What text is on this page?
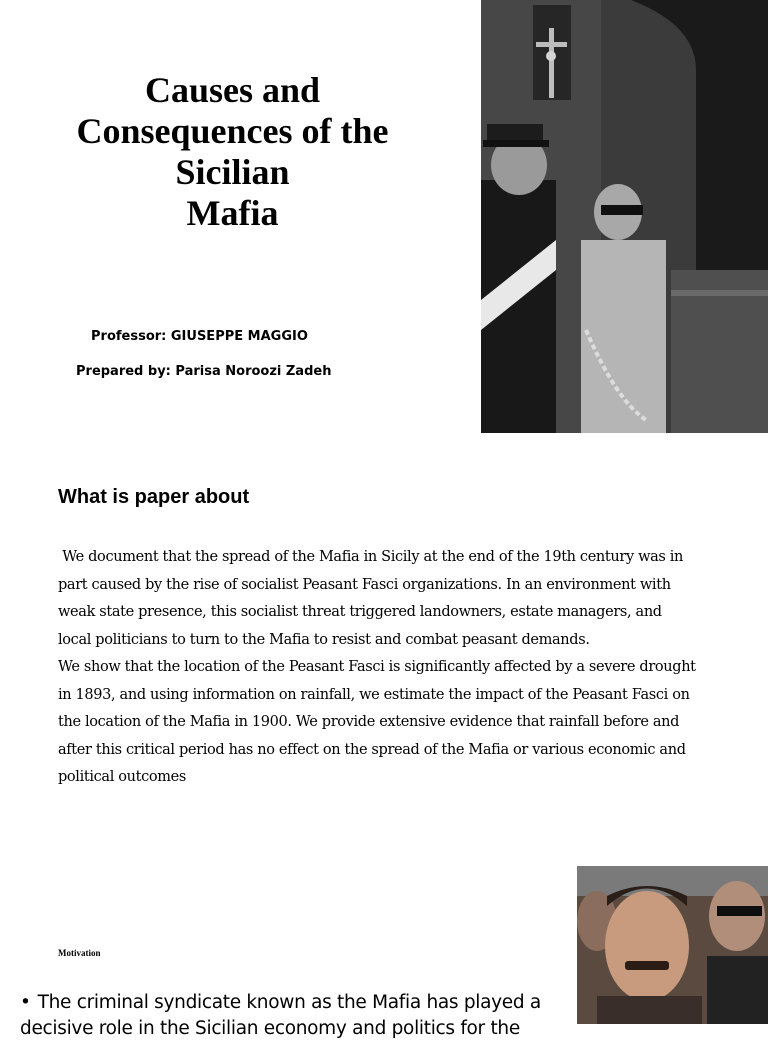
Causes and
Consequences of the
Sicilian
Mafia

Professor: GIUSEPPE MAGGIO

Prepared by: Parisa Noroozi Zadeh

What is paper about

We document that the spread of the Mafia in Sicily at the end of the 19th century was in part caused by the rise of socialist Peasant Fasci organizations. In an environment with weak state presence, this socialist threat triggered landowners, estate managers, and local politicians to turn to the Mafia to resist and combat peasant demands.

We show that the location of the Peasant Fasci is significantly affected by a severe drought in 1893, and using information on rainfall, we estimate the impact of the Peasant Fasci on the location of the Mafia in 1900. We provide extensive evidence that rainfall before and after this critical period has no effect on the spread of the Mafia or various economic and political outcomes

Motivation

• The criminal syndicate known as the Mafia has played a decisive role in the Sicilian economy and politics for the
